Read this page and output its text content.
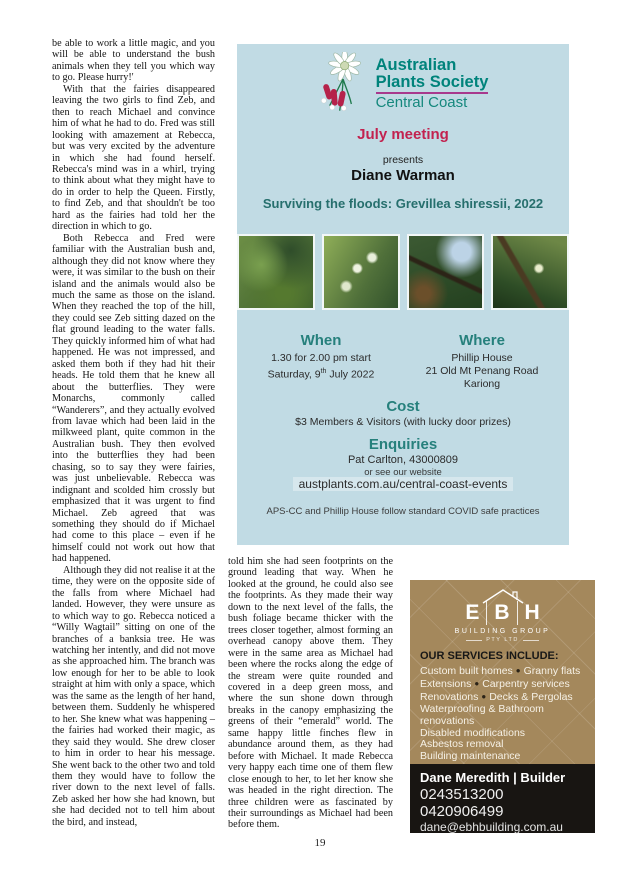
be able to work a little magic, and you will be able to understand the bush animals when they tell you which way to go. Please hurry!'

With that the fairies disappeared leaving the two girls to find Zeb, and then to reach Michael and convince him of what he had to do. Fred was still looking with amazement at Rebecca, but was very excited by the adventure in which she had found herself. Rebecca's mind was in a whirl, trying to think about what they might have to do in order to help the Queen. Firstly, to find Zeb, and that shouldn't be too hard as the fairies had told her the direction in which to go.

Both Rebecca and Fred were familiar with the Australian bush and, although they did not know where they were, it was similar to the bush on their island and the animals would also be much the same as those on the island. When they reached the top of the hill, they could see Zeb sitting dazed on the flat ground leading to the water falls. They quickly informed him of what had happened. He was not impressed, and asked them both if they had hit their heads. He told them that he knew all about the butterflies. They were Monarchs, commonly called “Wanderers”, and they actually evolved from lavae which had been laid in the milkweed plant, quite common in the Australian bush. They then evolved into the butterflies they had been chasing, so to say they were fairies, was just unbelievable. Rebecca was indignant and scolded him crossly but emphasized that it was urgent to find Michael. Zeb agreed that was something they should do if Michael had come to this place – even if he himself could not work out how that had happened.

Although they did not realise it at the time, they were on the opposite side of the falls from where Michael had landed. However, they were unsure as to which way to go. Rebecca noticed a “Willy Wagtail” sitting on one of the branches of a banksia tree. He was watching her intently, and did not move as she approached him. The branch was low enough for her to be able to look straight at him with only a space, which was the same as the length of her hand, between them. Suddenly he whispered to her. She knew what was happening – the fairies had worked their magic, as they said they would. She drew closer to him in order to hear his message. She went back to the other two and told them they would have to follow the river down to the next level of falls. Zeb asked her how she had known, but she had decided not to tell him about the bird, and instead,

told him she had seen footprints on the ground leading that way. When he looked at the ground, he could also see the footprints. As they made their way down to the next level of the falls, the bush foliage became thicker with the trees closer together, almost forming an overhead canopy above them. They were in the same area as Michael had been where the rocks along the edge of the stream were quite rounded and covered in a deep green moss, and where the sun shone down through breaks in the canopy emphasizing the greens of their “emerald” world. The same happy little finches flew in abundance around them, as they had before with Michael. It made Rebecca very happy each time one of them flew close enough to her, to let her know she was headed in the right direction. The three children were as fascinated by their surroundings as Michael had been before them.

Australian
Plants Society
Central Coast
July meeting
presents
Diane Warman
Surviving the floods: Grevillea shiressii, 2022
When
1.30 for 2.00 pm start
Saturday, 9th July 2022
Where
Phillip House
21 Old Mt Penang Road
Kariong
Cost
$3 Members & Visitors (with lucky door prizes)
Enquiries
Pat Carlton, 43000809
or see our website
austplants.com.au/central-coast-events
APS-CC and Phillip House follow standard COVID safe practices
E B H
BUILDING GROUP
PTY LTD
OUR SERVICES INCLUDE:
Custom built homes ● Granny flats
Extensions ● Carpentry services
Renovations ● Decks & Pergolas
Waterproofing & Bathroom renovations
Disabled modifications
Asbestos removal
Building maintenance
Dane Meredith | Builder
0243513200
0420906499
dane@ebhbuilding.com.au
19
